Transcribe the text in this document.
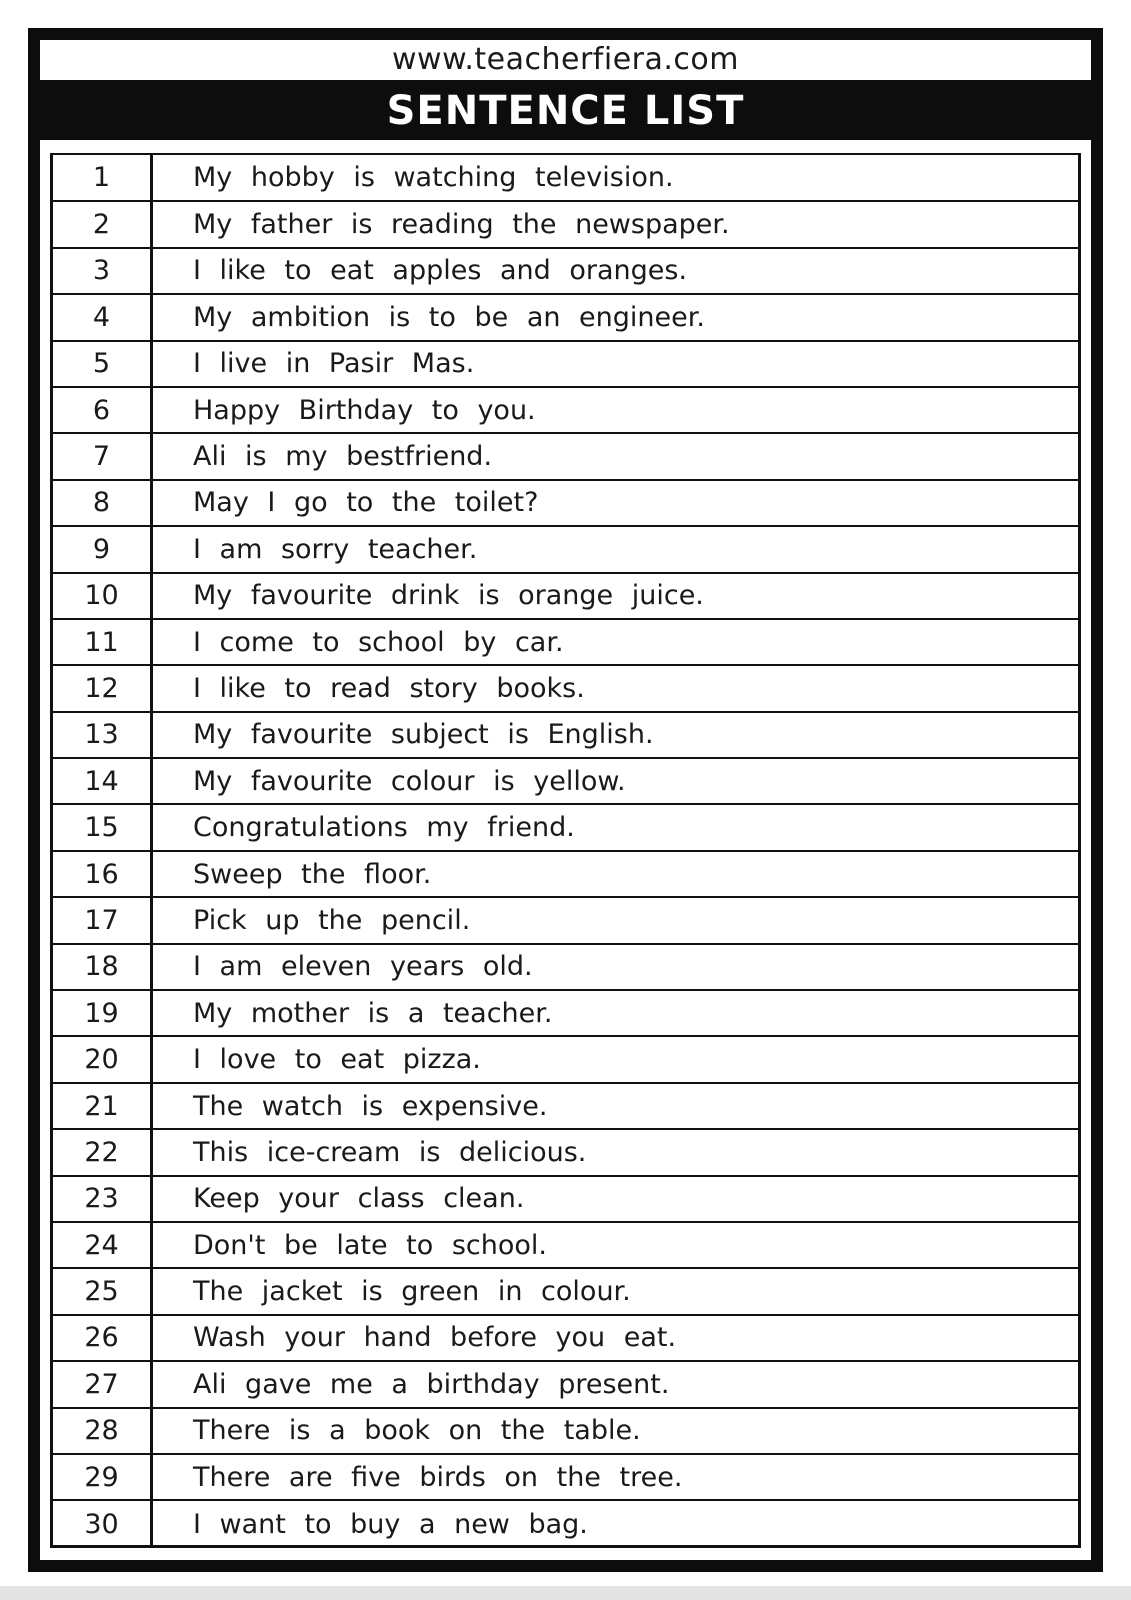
www.teacherfiera.com
SENTENCE LIST
1	My hobby is watching television.
2	My father is reading the newspaper.
3	I like to eat apples and oranges.
4	My ambition is to be an engineer.
5	I live in Pasir Mas.
6	Happy Birthday to you.
7	Ali is my bestfriend.
8	May I go to the toilet?
9	I am sorry teacher.
10	My favourite drink is orange juice.
11	I come to school by car.
12	I like to read story books.
13	My favourite subject is English.
14	My favourite colour is yellow.
15	Congratulations my friend.
16	Sweep the floor.
17	Pick up the pencil.
18	I am eleven years old.
19	My mother is a teacher.
20	I love to eat pizza.
21	The watch is expensive.
22	This ice-cream is delicious.
23	Keep your class clean.
24	Don't be late to school.
25	The jacket is green in colour.
26	Wash your hand before you eat.
27	Ali gave me a birthday present.
28	There is a book on the table.
29	There are five birds on the tree.
30	I want to buy a new bag.
